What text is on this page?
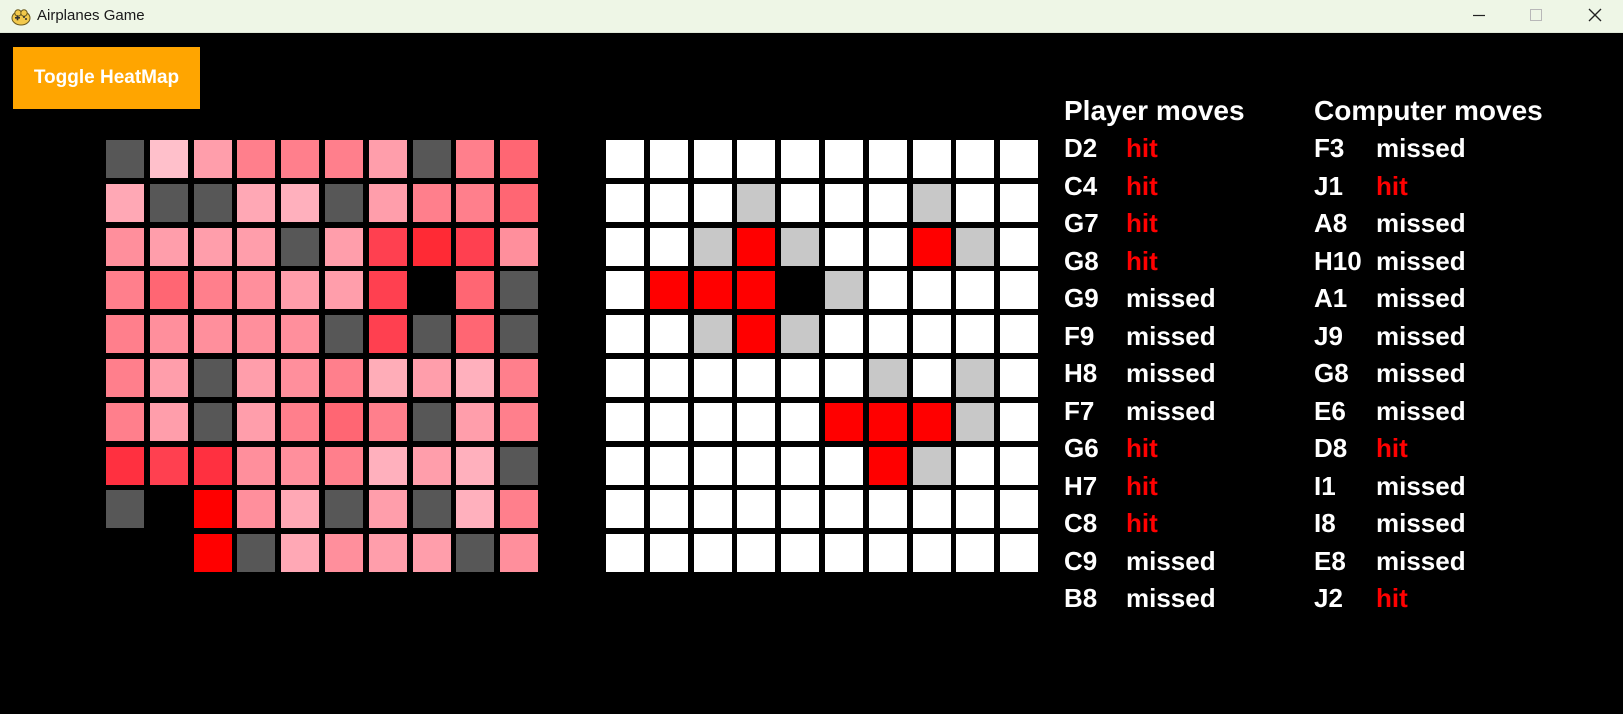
Airplanes Game
Toggle HeatMap
Player moves
D2 hit
C4 hit
G7 hit
G8 hit
G9 missed
F9 missed
H8 missed
F7 missed
G6 hit
H7 hit
C8 hit
C9 missed
B8 missed
Computer moves
F3 missed
J1 hit
A8 missed
H10 missed
A1 missed
J9 missed
G8 missed
E6 missed
D8 hit
I1 missed
I8 missed
E8 missed
J2 hit
